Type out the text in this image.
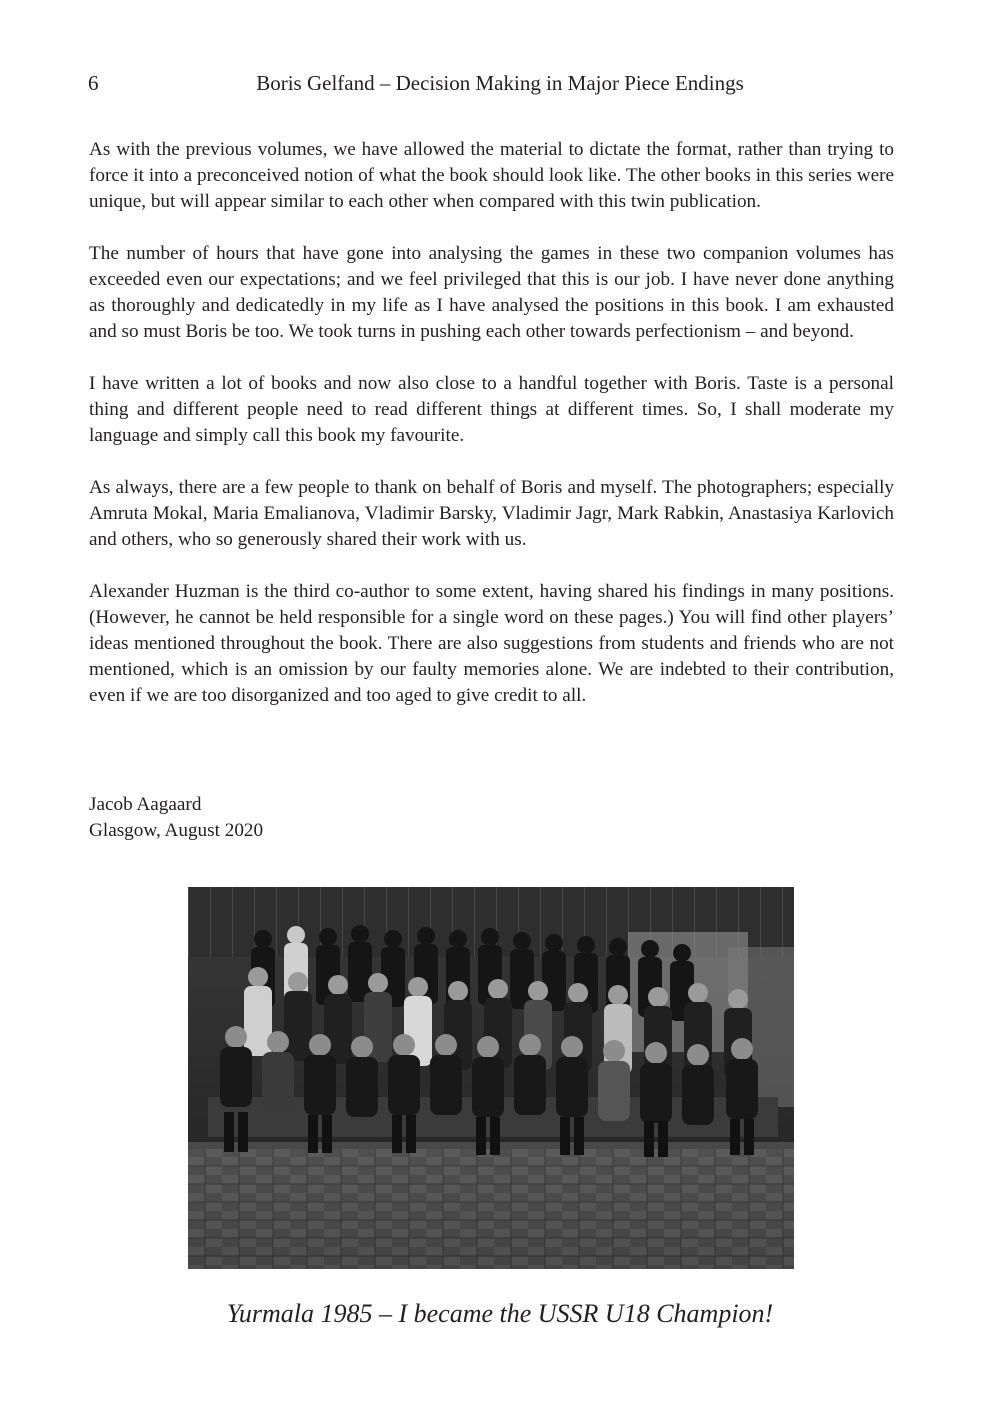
6	Boris Gelfand – Decision Making in Major Piece Endings

As with the previous volumes, we have allowed the material to dictate the format, rather than trying to force it into a preconceived notion of what the book should look like. The other books in this series were unique, but will appear similar to each other when compared with this twin publication.

The number of hours that have gone into analysing the games in these two companion volumes has exceeded even our expectations; and we feel privileged that this is our job. I have never done anything as thoroughly and dedicatedly in my life as I have analysed the positions in this book. I am exhausted and so must Boris be too. We took turns in pushing each other towards perfectionism – and beyond.

I have written a lot of books and now also close to a handful together with Boris. Taste is a personal thing and different people need to read different things at different times. So, I shall moderate my language and simply call this book my favourite.

As always, there are a few people to thank on behalf of Boris and myself. The photographers; especially Amruta Mokal, Maria Emalianova, Vladimir Barsky, Vladimir Jagr, Mark Rabkin, Anastasiya Karlovich and others, who so generously shared their work with us.

Alexander Huzman is the third co-author to some extent, having shared his findings in many positions. (However, he cannot be held responsible for a single word on these pages.) You will find other players’ ideas mentioned throughout the book. There are also suggestions from students and friends who are not mentioned, which is an omission by our faulty memories alone. We are indebted to their contribution, even if we are too disorganized and too aged to give credit to all.

Jacob Aagaard
Glasgow, August 2020
Yurmala 1985 – I became the USSR U18 Champion!
